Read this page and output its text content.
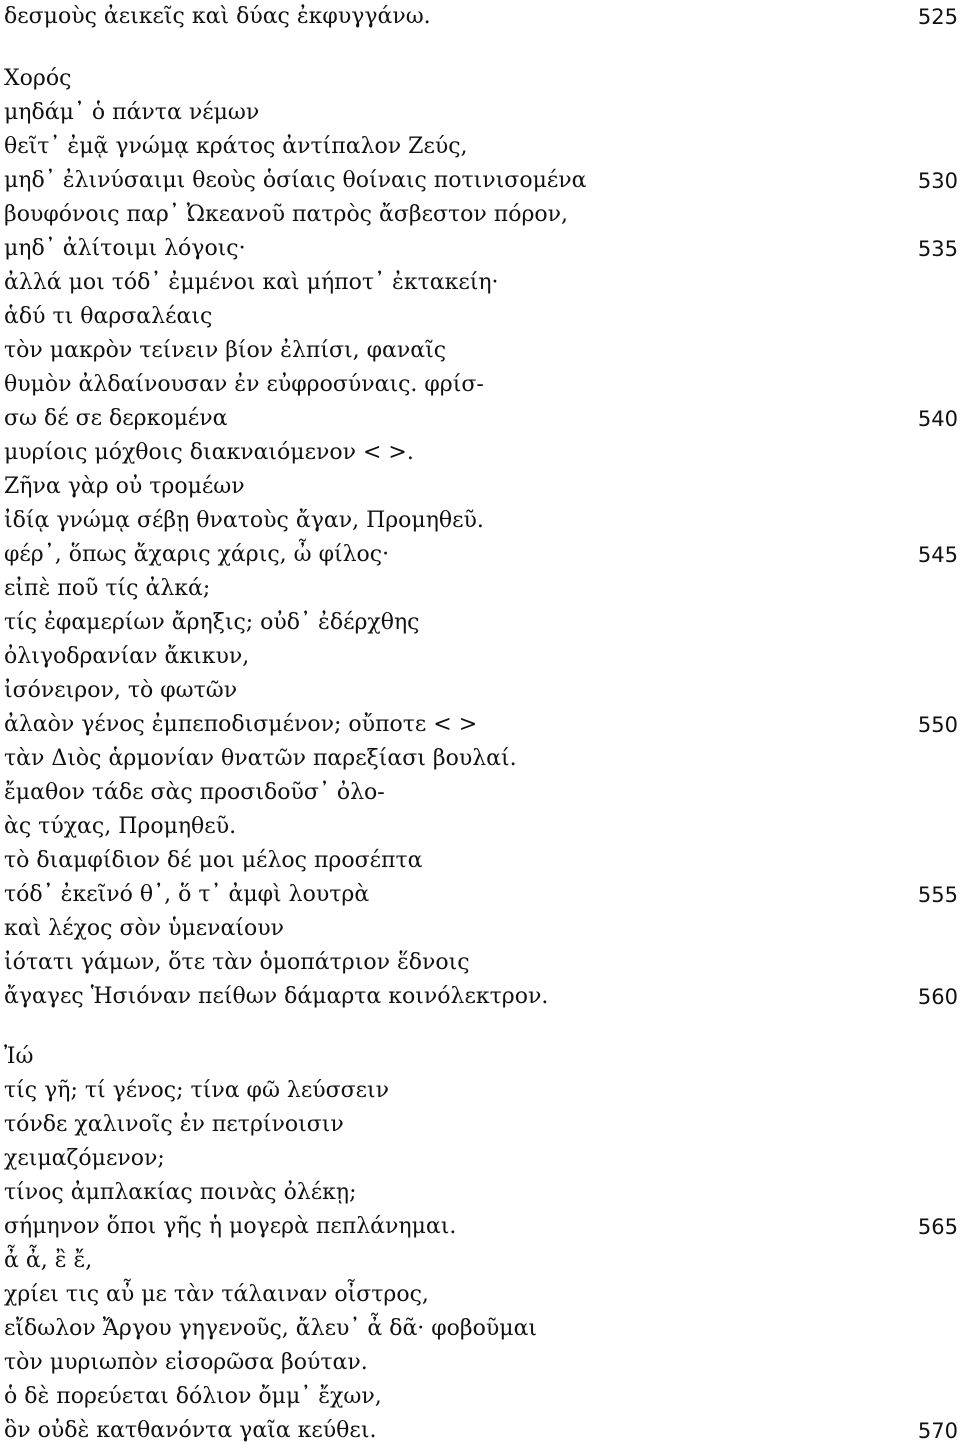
δεσμοὺς ἀεικεῖς καὶ δύας ἐκφυγγάνω.	525
Χορός
μηδάμ᾽ ὁ πάντα νέμων
θεῖτ᾽ ἐμᾷ γνώμᾳ κράτος ἀντίπαλον Ζεύς,
μηδ᾽ ἐλινύσαιμι θεοὺς ὁσίαις θοίναις ποτινισομένα	530
βουφόνοις παρ᾽ Ὠκεανοῦ πατρὸς ἄσβεστον πόρον,
μηδ᾽ ἀλίτοιμι λόγοις·	535
ἀλλά μοι τόδ᾽ ἐμμένοι καὶ μήποτ᾽ ἐκτακείη·
ἁδύ τι θαρσαλέαις
τὸν μακρὸν τείνειν βίον ἐλπίσι, φαναῖς
θυμὸν ἀλδαίνουσαν ἐν εὐφροσύναις. φρίσ-
σω δέ σε δερκομένα	540
μυρίοις μόχθοις διακναιόμενον < >.
Ζῆνα γὰρ οὐ τρομέων
ἰδίᾳ γνώμᾳ σέβῃ θνατοὺς ἄγαν, Προμηθεῦ.
φέρ᾽, ὅπως ἄχαρις χάρις, ὦ φίλος·	545
εἰπὲ ποῦ τίς ἀλκά;
τίς ἐφαμερίων ἄρηξις; οὐδ᾽ ἐδέρχθης
ὀλιγοδρανίαν ἄκικυν,
ἰσόνειρον, τὸ φωτῶν
ἀλαὸν γένος ἐμπεποδισμένον; οὔποτε < >	550
τὰν Διὸς ἁρμονίαν θνατῶν παρεξίασι βουλαί.
ἔμαθον τάδε σὰς προσιδοῦσ᾽ ὀλο-
ὰς τύχας, Προμηθεῦ.
τὸ διαμφίδιον δέ μοι μέλος προσέπτα
τόδ᾽ ἐκεῖνό θ᾽, ὅ τ᾽ ἀμφὶ λουτρὰ	555
καὶ λέχος σὸν ὑμεναίουν
ἰότατι γάμων, ὅτε τὰν ὁμοπάτριον ἕδνοις
ἄγαγες Ἡσιόναν πείθων δάμαρτα κοινόλεκτρον.	560
Ἰώ
τίς γῆ; τί γένος; τίνα φῶ λεύσσειν
τόνδε χαλινοῖς ἐν πετρίνοισιν
χειμαζόμενον;
τίνος ἀμπλακίας ποινὰς ὀλέκῃ;
σήμηνον ὅποι γῆς ἡ μογερὰ πεπλάνημαι.	565
ἆ ἆ, ἒ ἔ,
χρίει τις αὖ με τὰν τάλαιναν οἶστρος,
εἴδωλον Ἄργου γηγενοῦς, ἄλευ᾽ ἆ δᾶ· φοβοῦμαι
τὸν μυριωπὸν εἰσορῶσα βούταν.
ὁ δὲ πορεύεται δόλιον ὄμμ᾽ ἔχων,
ὃν οὐδὲ κατθανόντα γαῖα κεύθει.	570
